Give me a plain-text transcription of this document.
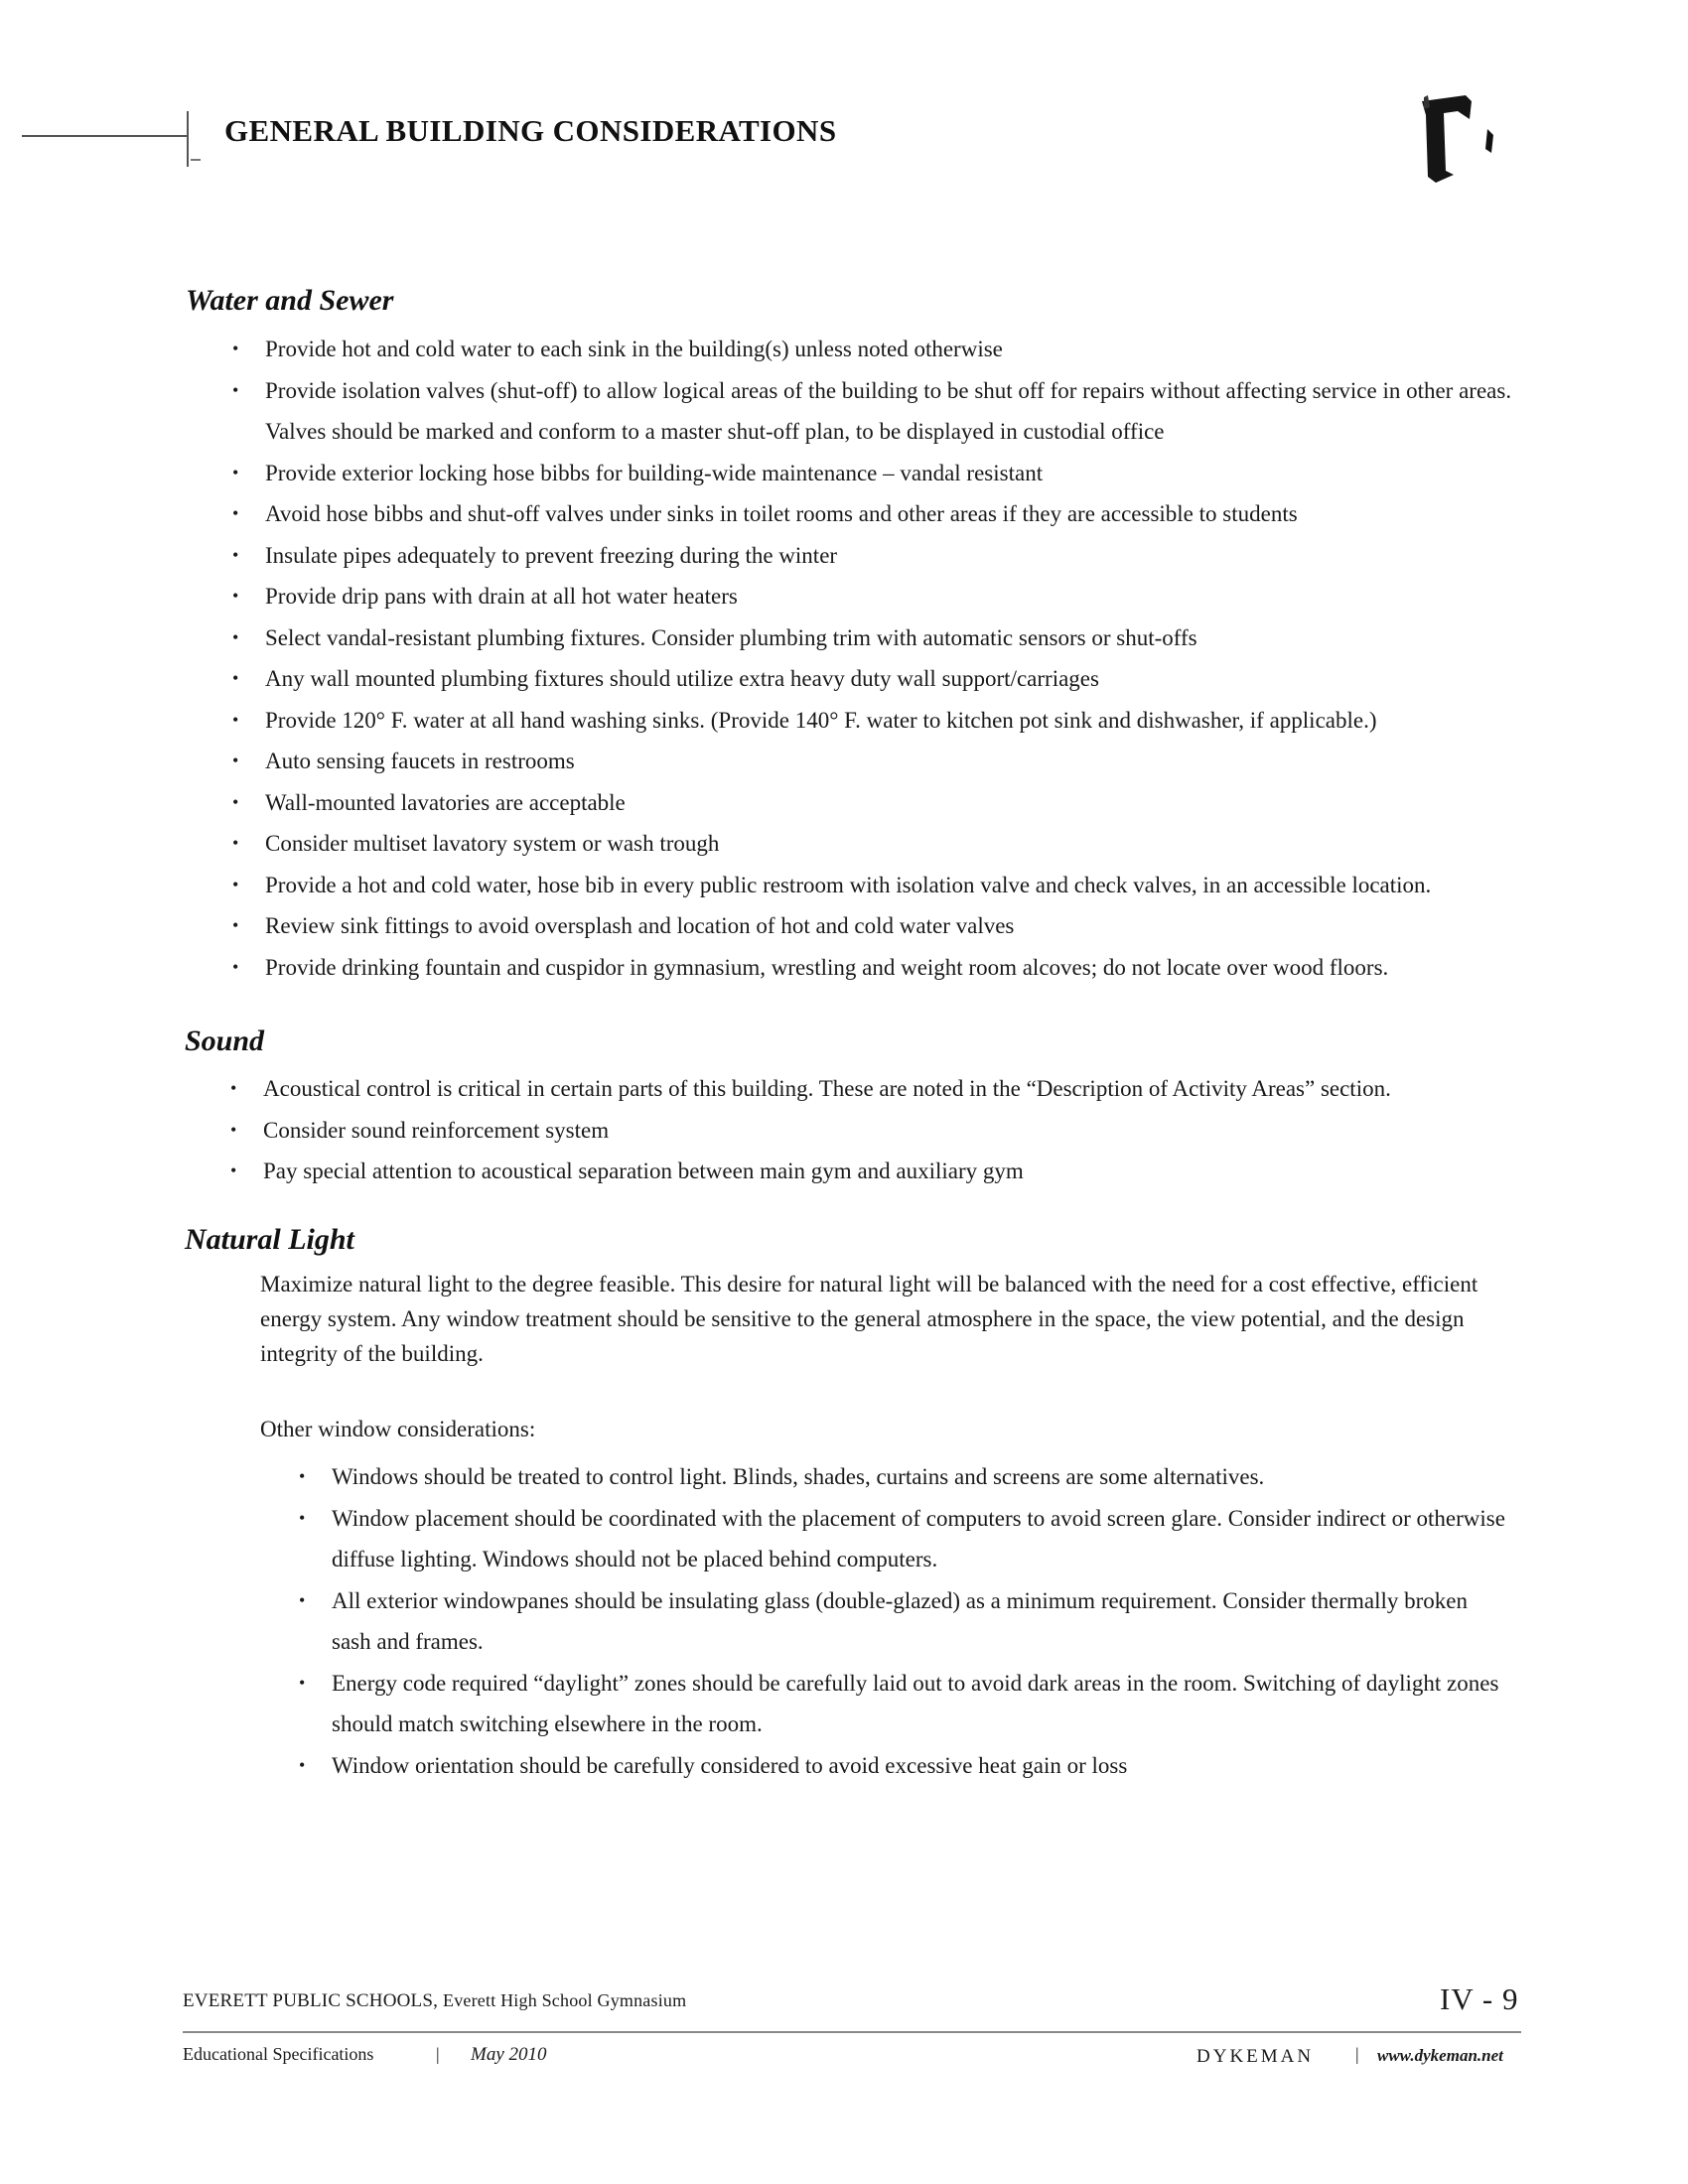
GENERAL BUILDING CONSIDERATIONS
Water and Sewer
• Provide hot and cold water to each sink in the building(s) unless noted otherwise
• Provide isolation valves (shut-off) to allow logical areas of the building to be shut off for repairs without affecting service in other areas. Valves should be marked and conform to a master shut-off plan, to be displayed in custodial office
• Provide exterior locking hose bibbs for building-wide maintenance – vandal resistant
• Avoid hose bibbs and shut-off valves under sinks in toilet rooms and other areas if they are accessible to students
• Insulate pipes adequately to prevent freezing during the winter
• Provide drip pans with drain at all hot water heaters
• Select vandal-resistant plumbing fixtures. Consider plumbing trim with automatic sensors or shut-offs
• Any wall mounted plumbing fixtures should utilize extra heavy duty wall support/carriages
• Provide 120° F. water at all hand washing sinks. (Provide 140° F. water to kitchen pot sink and dishwasher, if applicable.)
• Auto sensing faucets in restrooms
• Wall-mounted lavatories are acceptable
• Consider multiset lavatory system or wash trough
• Provide a hot and cold water, hose bib in every public restroom with isolation valve and check valves, in an accessible location.
• Review sink fittings to avoid oversplash and location of hot and cold water valves
• Provide drinking fountain and cuspidor in gymnasium, wrestling and weight room alcoves; do not locate over wood floors.
Sound
• Acoustical control is critical in certain parts of this building. These are noted in the “Description of Activity Areas” section.
• Consider sound reinforcement system
• Pay special attention to acoustical separation between main gym and auxiliary gym
Natural Light

Maximize natural light to the degree feasible. This desire for natural light will be balanced with the need for a cost effective, efficient energy system. Any window treatment should be sensitive to the general atmosphere in the space, the view potential, and the design integrity of the building.

Other window considerations:

• Windows should be treated to control light. Blinds, shades, curtains and screens are some alternatives.
• Window placement should be coordinated with the placement of computers to avoid screen glare. Consider indirect or otherwise diffuse lighting. Windows should not be placed behind computers.
• All exterior windowpanes should be insulating glass (double-glazed) as a minimum requirement. Consider thermally broken sash and frames.
• Energy code required “daylight” zones should be carefully laid out to avoid dark areas in the room. Switching of daylight zones should match switching elsewhere in the room.
• Window orientation should be carefully considered to avoid excessive heat gain or loss
EVERETT PUBLIC SCHOOLS, Everett High School Gymnasium	IV - 9
Educational Specifications	| May 2010	DYKEMAN | www.dykeman.net
